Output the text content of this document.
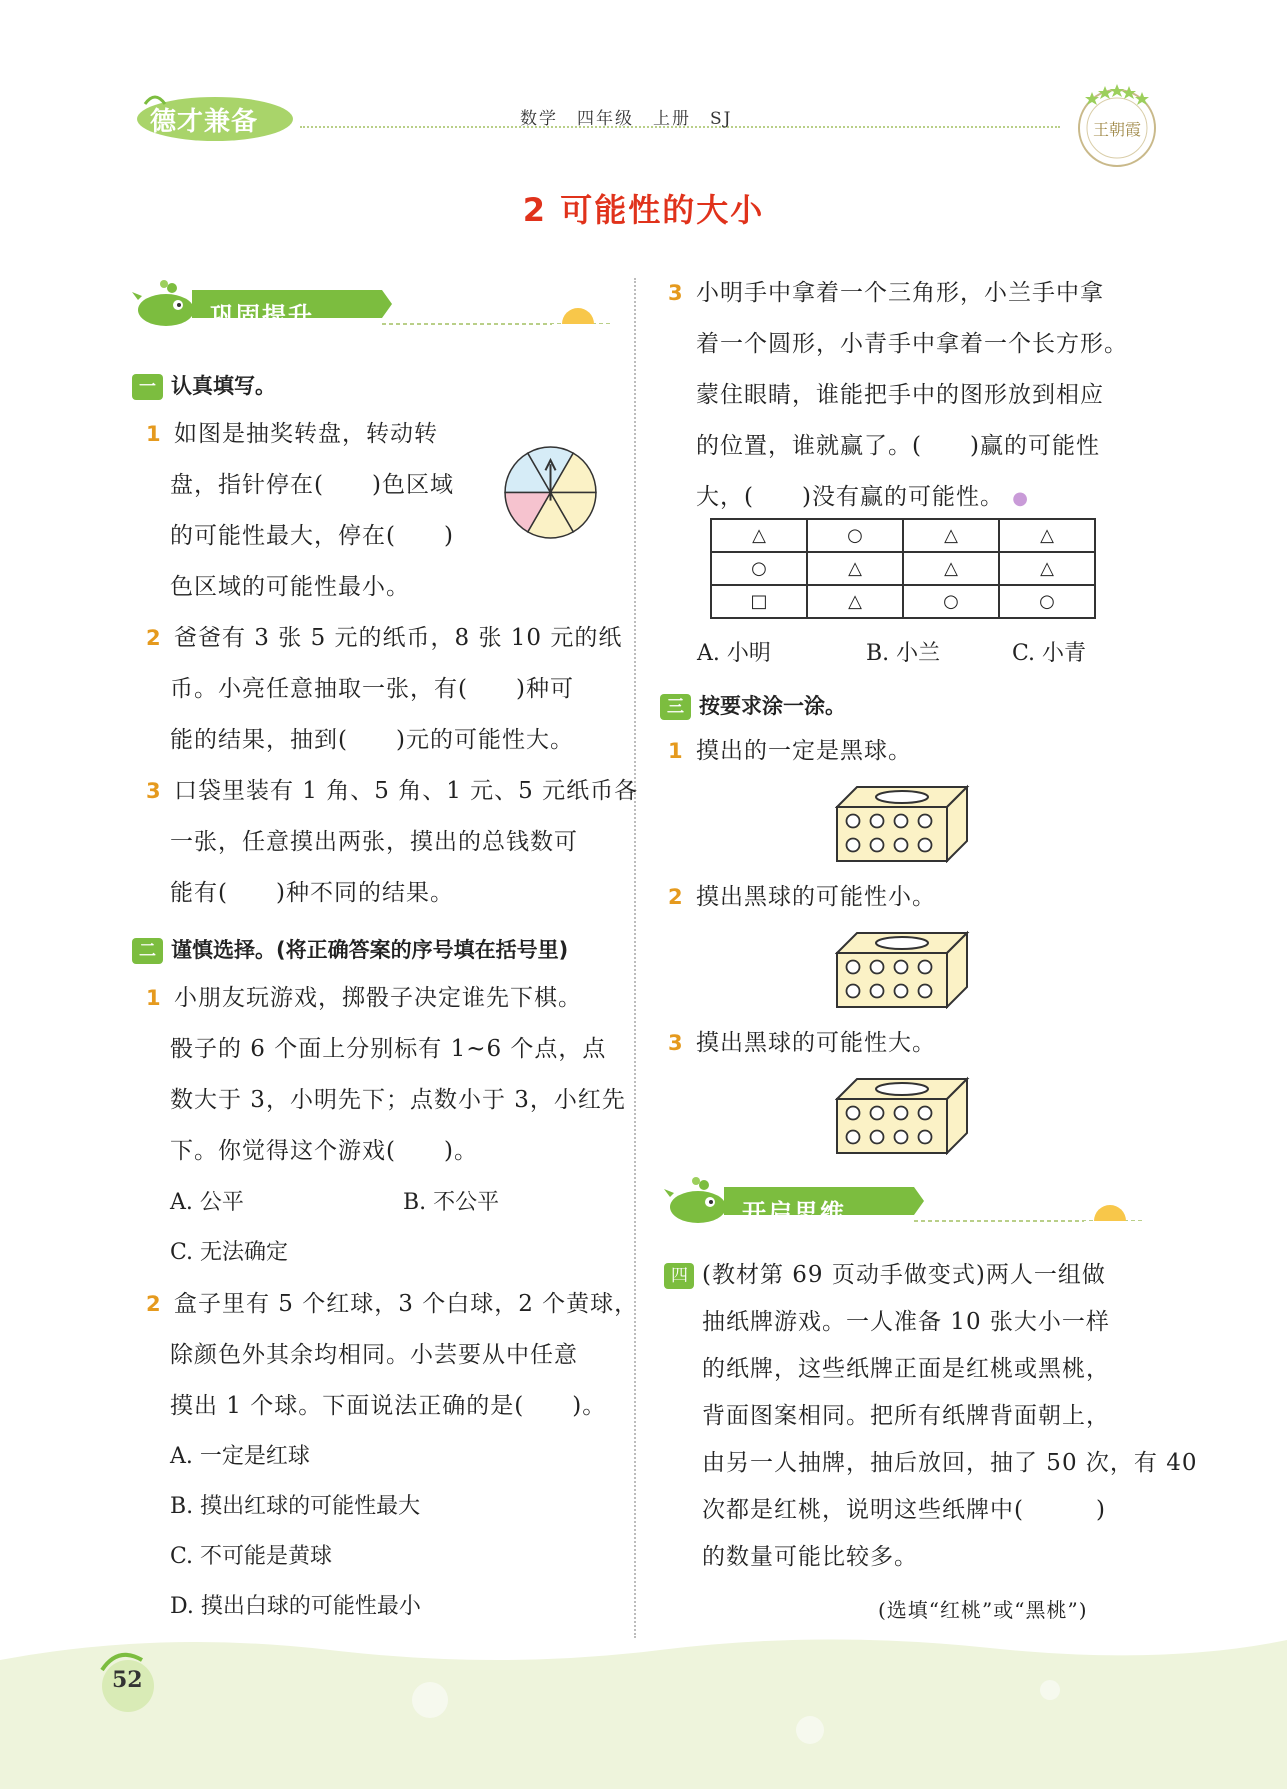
德才兼备	数学　四年级　上册　SJ
王朝霞
2 可能性的大小
巩固提升
一 认真填写。
1 如图是抽奖转盘，转动转
盘，指针停在(　　)色区域
的可能性最大，停在(　　)
色区域的可能性最小。
2 爸爸有 3 张 5 元的纸币，8 张 10 元的纸
币。小亮任意抽取一张，有(　　)种可
能的结果，抽到(　　)元的可能性大。
3 口袋里装有 1 角、5 角、1 元、5 元纸币各
一张，任意摸出两张，摸出的总钱数可
能有(　　)种不同的结果。
二 谨慎选择。(将正确答案的序号填在括号里)
1 小朋友玩游戏，掷骰子决定谁先下棋。
骰子的 6 个面上分别标有 1~6 个点，点
数大于 3，小明先下；点数小于 3，小红先
下。你觉得这个游戏(　　)。
A. 公平	B. 不公平
C. 无法确定
2 盒子里有 5 个红球，3 个白球，2 个黄球，
除颜色外其余均相同。小芸要从中任意
摸出 1 个球。下面说法正确的是(　　)。
A. 一定是红球
B. 摸出红球的可能性最大
C. 不可能是黄球
D. 摸出白球的可能性最小
3 小明手中拿着一个三角形，小兰手中拿
着一个圆形，小青手中拿着一个长方形。
蒙住眼睛，谁能把手中的图形放到相应
的位置，谁就赢了。(　　)赢的可能性
大，(　　)没有赢的可能性。 ●
△	○	△	△
○	△	△	△
□	△	○	○
A. 小明	B. 小兰	C. 小青
三 按要求涂一涂。
1 摸出的一定是黑球。
2 摸出黑球的可能性小。
3 摸出黑球的可能性大。
开启思维
四 (教材第 69 页动手做变式)两人一组做
抽纸牌游戏。一人准备 10 张大小一样
的纸牌，这些纸牌正面是红桃或黑桃，
背面图案相同。把所有纸牌背面朝上，
由另一人抽牌，抽后放回，抽了 50 次，有 40
次都是红桃，说明这些纸牌中(　　　)
的数量可能比较多。
(选填“红桃”或“黑桃”)
52
